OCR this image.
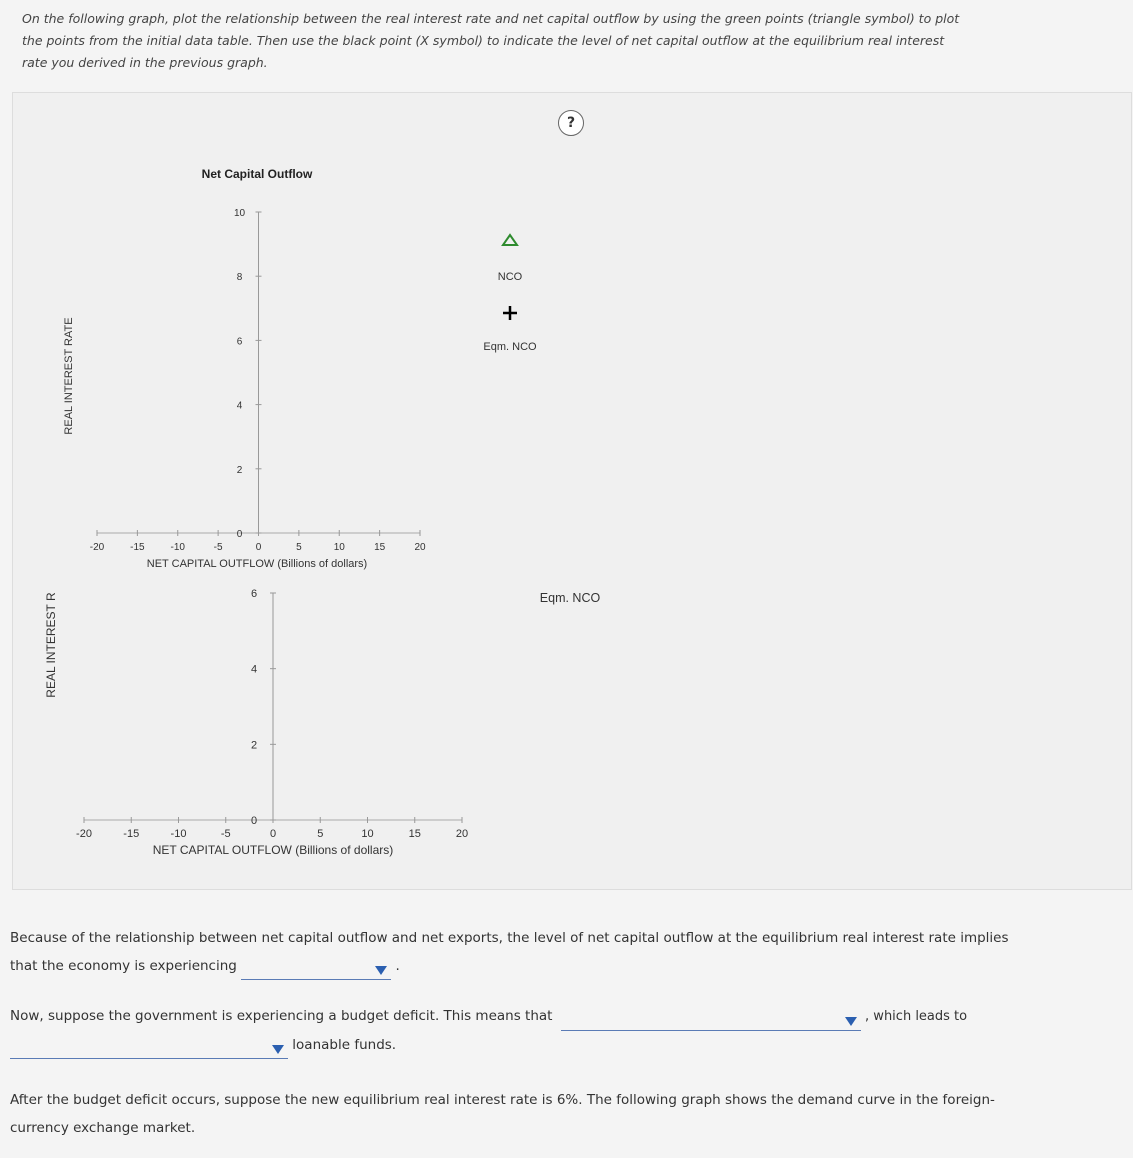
On the following graph, plot the relationship between the real interest rate and net capital outflow by using the green points (triangle symbol) to plot
the points from the initial data table. Then use the black point (X symbol) to indicate the level of net capital outflow at the equilibrium real interest
rate you derived in the previous graph.
?
Net Capital Outflow
-20	-15	-10	-5	0	5	10	15	20
0
2
4
6
8
10
NET CAPITAL OUTFLOW (Billions of dollars)
REAL INTEREST RATE
-20	-15	-10	-5	0	5	10	15	20
0
2
4
6
NET CAPITAL OUTFLOW (Billions of dollars)
REAL INTEREST R
NCO
Eqm. NCO
Eqm. NCO
Because of the relationship between net capital outflow and net exports, the level of net capital outflow at the equilibrium real interest rate implies
that the economy is experiencing	.
Now, suppose the government is experiencing a budget deficit. This means that	, which leads to
loanable funds.
After the budget deficit occurs, suppose the new equilibrium real interest rate is 6%. The following graph shows the demand curve in the foreign-
currency exchange market.
